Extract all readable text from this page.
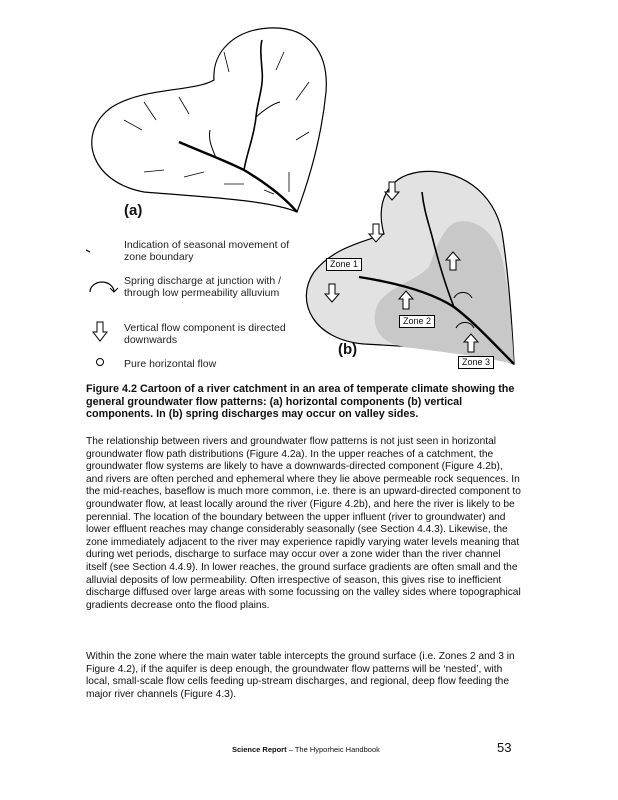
(a)
(b)
Zone 1
Zone 2
Zone 3
Indication of seasonal movement of zone boundary
Spring discharge at junction with / through low permeability alluvium
Vertical flow component is directed downwards
Pure horizontal flow
Figure 4.2 Cartoon of a river catchment in an area of temperate climate showing the general groundwater flow patterns: (a) horizontal components (b) vertical components. In (b) spring discharges may occur on valley sides.

The relationship between rivers and groundwater flow patterns is not just seen in horizontal groundwater flow path distributions (Figure 4.2a). In the upper reaches of a catchment, the groundwater flow systems are likely to have a downwards-directed component (Figure 4.2b), and rivers are often perched and ephemeral where they lie above permeable rock sequences. In the mid-reaches, baseflow is much more common, i.e. there is an upward-directed component to groundwater flow, at least locally around the river (Figure 4.2b), and here the river is likely to be perennial. The location of the boundary between the upper influent (river to groundwater) and lower effluent reaches may change considerably seasonally (see Section 4.4.3). Likewise, the zone immediately adjacent to the river may experience rapidly varying water levels meaning that during wet periods, discharge to surface may occur over a zone wider than the river channel itself (see Section 4.4.9). In lower reaches, the ground surface gradients are often small and the alluvial deposits of low permeability. Often irrespective of season, this gives rise to inefficient discharge diffused over large areas with some focussing on the valley sides where topographical gradients decrease onto the flood plains.

Within the zone where the main water table intercepts the ground surface (i.e. Zones 2 and 3 in Figure 4.2), if the aquifer is deep enough, the groundwater flow patterns will be ‘nested’, with local, small-scale flow cells feeding up-stream discharges, and regional, deep flow feeding the major river channels (Figure 4.3).

Science Report – The Hyporheic Handbook	53
